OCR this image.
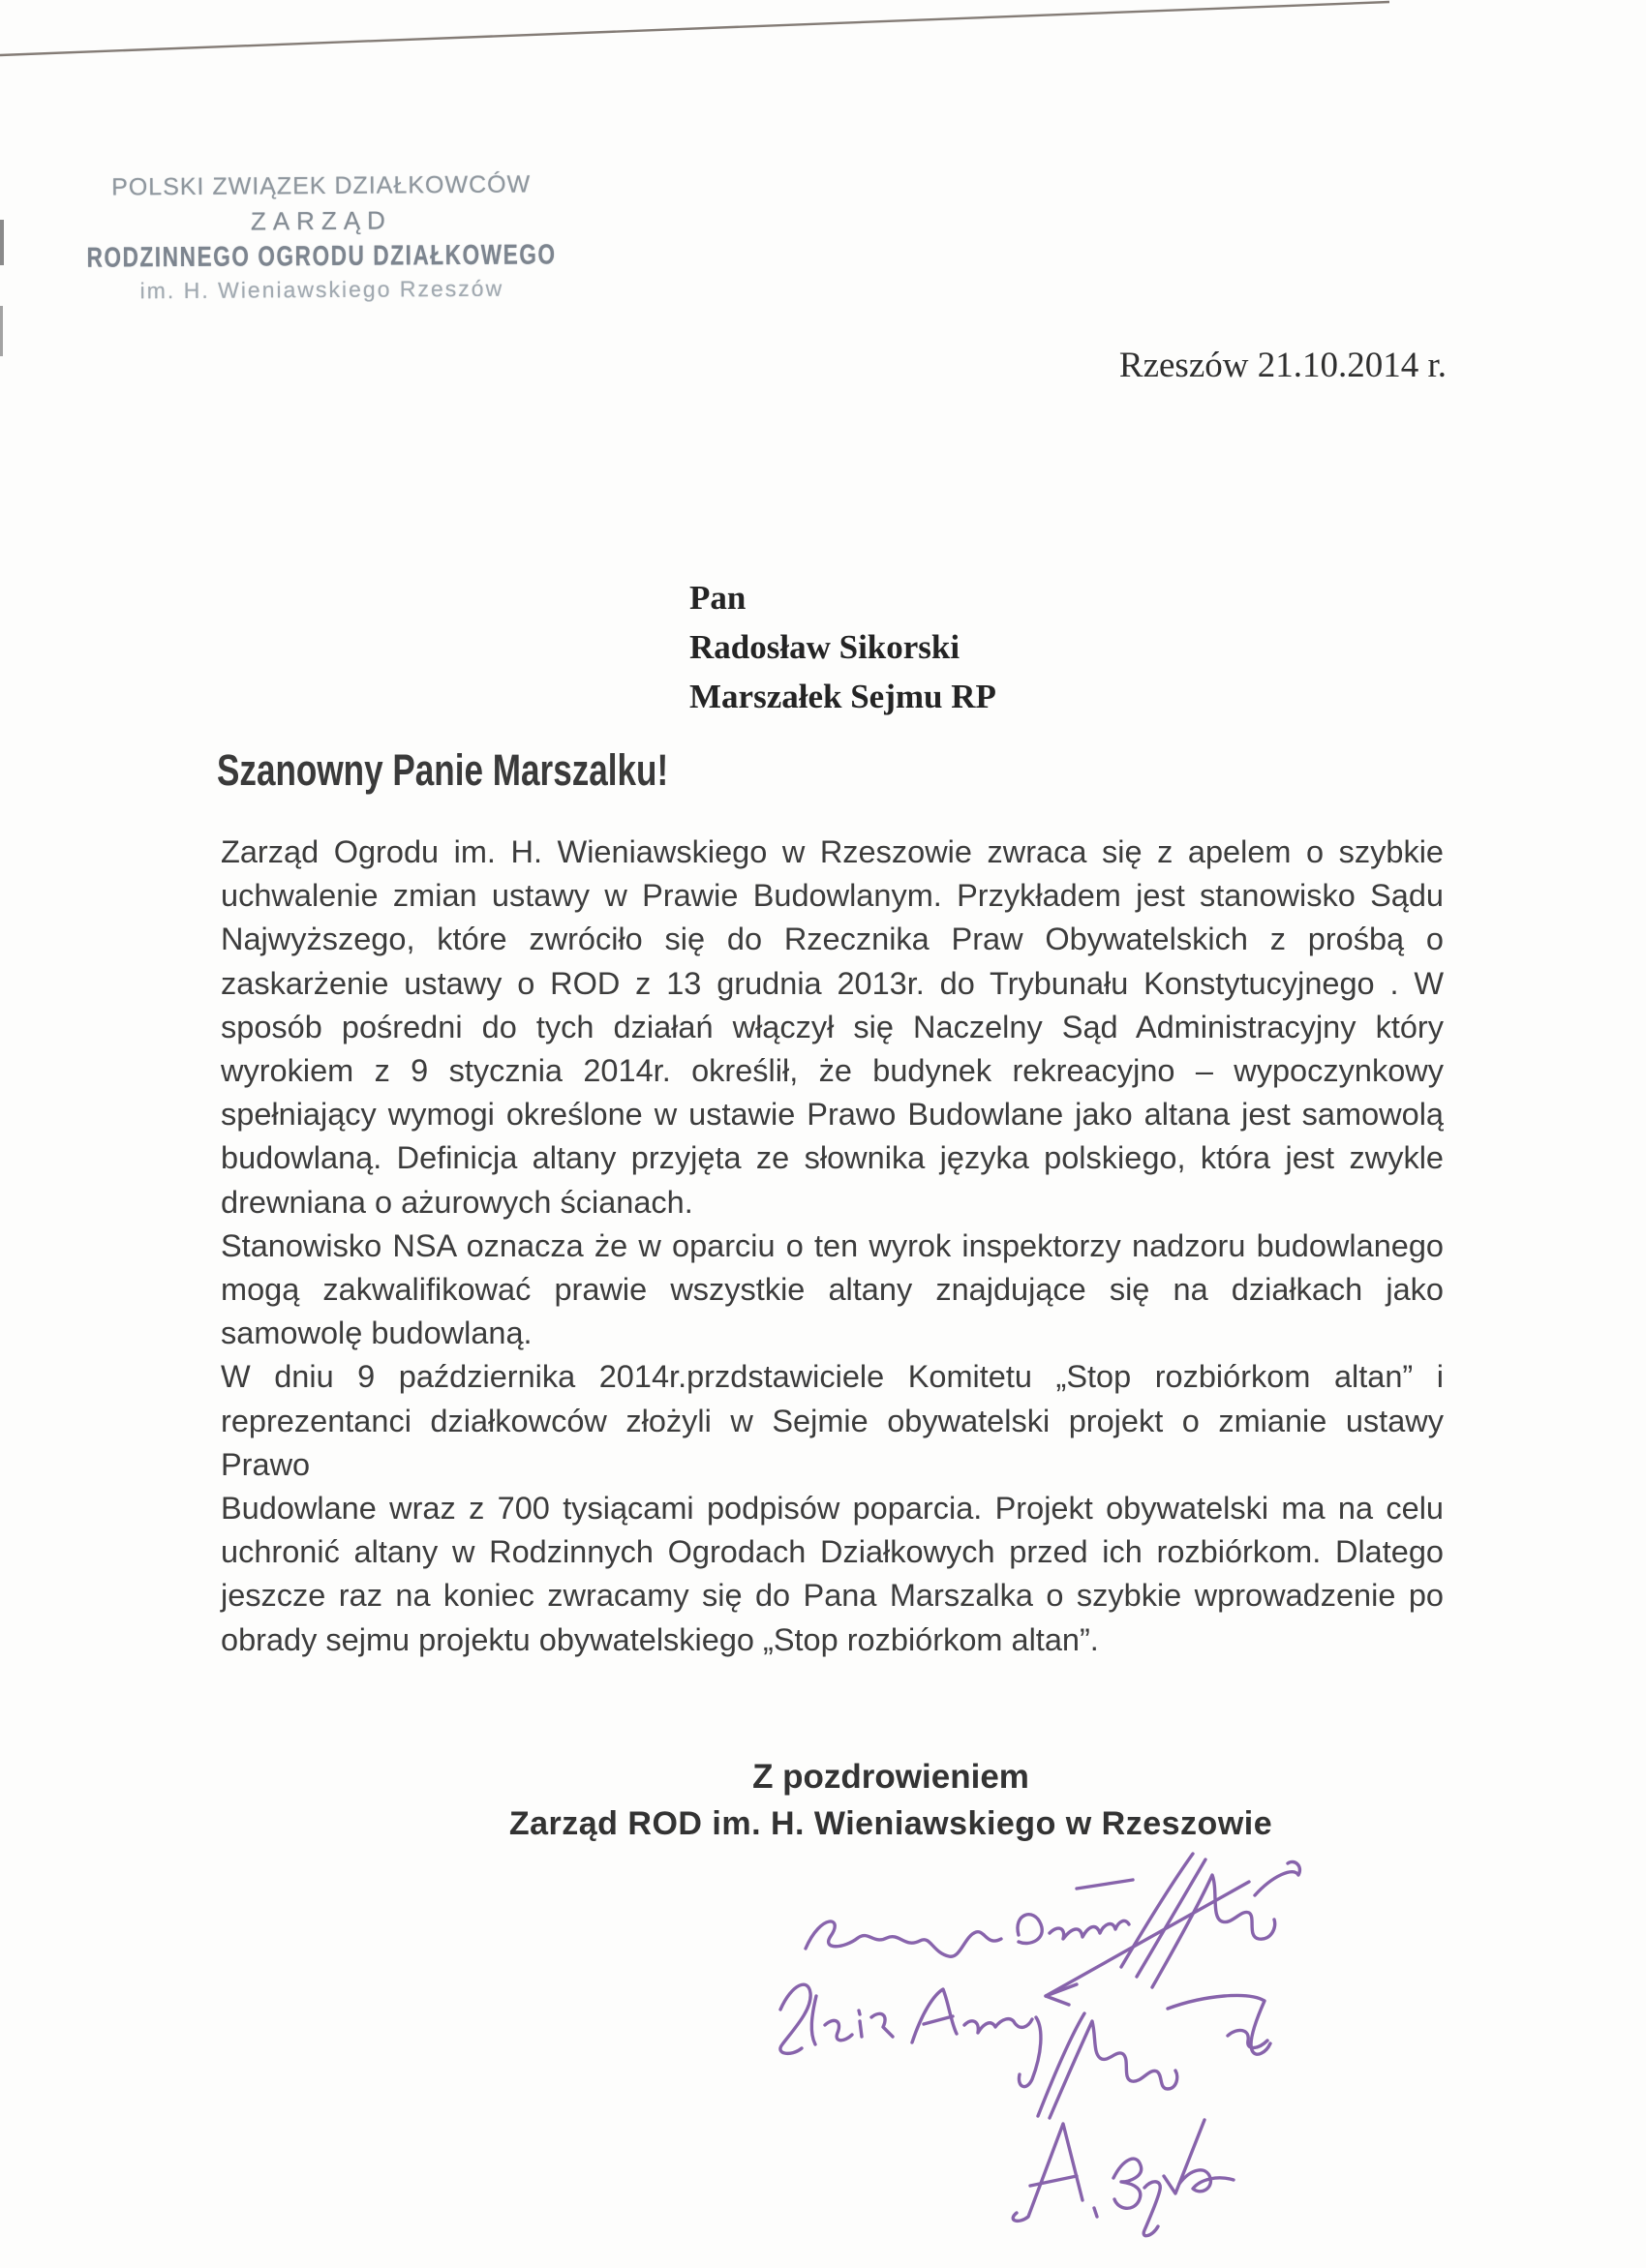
POLSKI ZWIĄZEK DZIAŁKOWCÓW
ZARZĄD
RODZINNEGO OGRODU DZIAŁKOWEGO
im. H. Wieniawskiego Rzeszów
Rzeszów 21.10.2014 r.
Pan
Radosław Sikorski
Marszałek Sejmu RP
Szanowny Panie Marszalku!
Zarząd Ogrodu im. H. Wieniawskiego w Rzeszowie zwraca się z apelem o szybkie
uchwalenie zmian ustawy w Prawie Budowlanym. Przykładem jest stanowisko Sądu
Najwyższego, które zwróciło się do Rzecznika Praw Obywatelskich z prośbą o
zaskarżenie ustawy o ROD z 13 grudnia 2013r. do Trybunału Konstytucyjnego . W
sposób pośredni do tych działań włączył się Naczelny Sąd Administracyjny który
wyrokiem z 9 stycznia 2014r. określił, że budynek rekreacyjno – wypoczynkowy
spełniający wymogi określone w ustawie Prawo Budowlane jako altana jest samowolą
budowlaną. Definicja altany przyjęta ze słownika języka polskiego, która jest zwykle
drewniana o ażurowych ścianach.
Stanowisko NSA oznacza że w oparciu o ten wyrok inspektorzy nadzoru budowlanego
mogą zakwalifikować prawie wszystkie altany znajdujące się na działkach jako
samowolę budowlaną.
W dniu 9 października 2014r.przdstawiciele Komitetu „Stop rozbiórkom altan” i
reprezentanci działkowców złożyli w Sejmie obywatelski projekt o zmianie ustawy Prawo
Budowlane wraz z 700 tysiącami podpisów poparcia. Projekt obywatelski ma na celu
uchronić altany w Rodzinnych Ogrodach Działkowych przed ich rozbiórkom. Dlatego
jeszcze raz na koniec zwracamy się do Pana Marszalka o szybkie wprowadzenie po
obrady sejmu projektu obywatelskiego „Stop rozbiórkom altan”.
Z pozdrowieniem
Zarząd ROD im. H. Wieniawskiego w Rzeszowie
